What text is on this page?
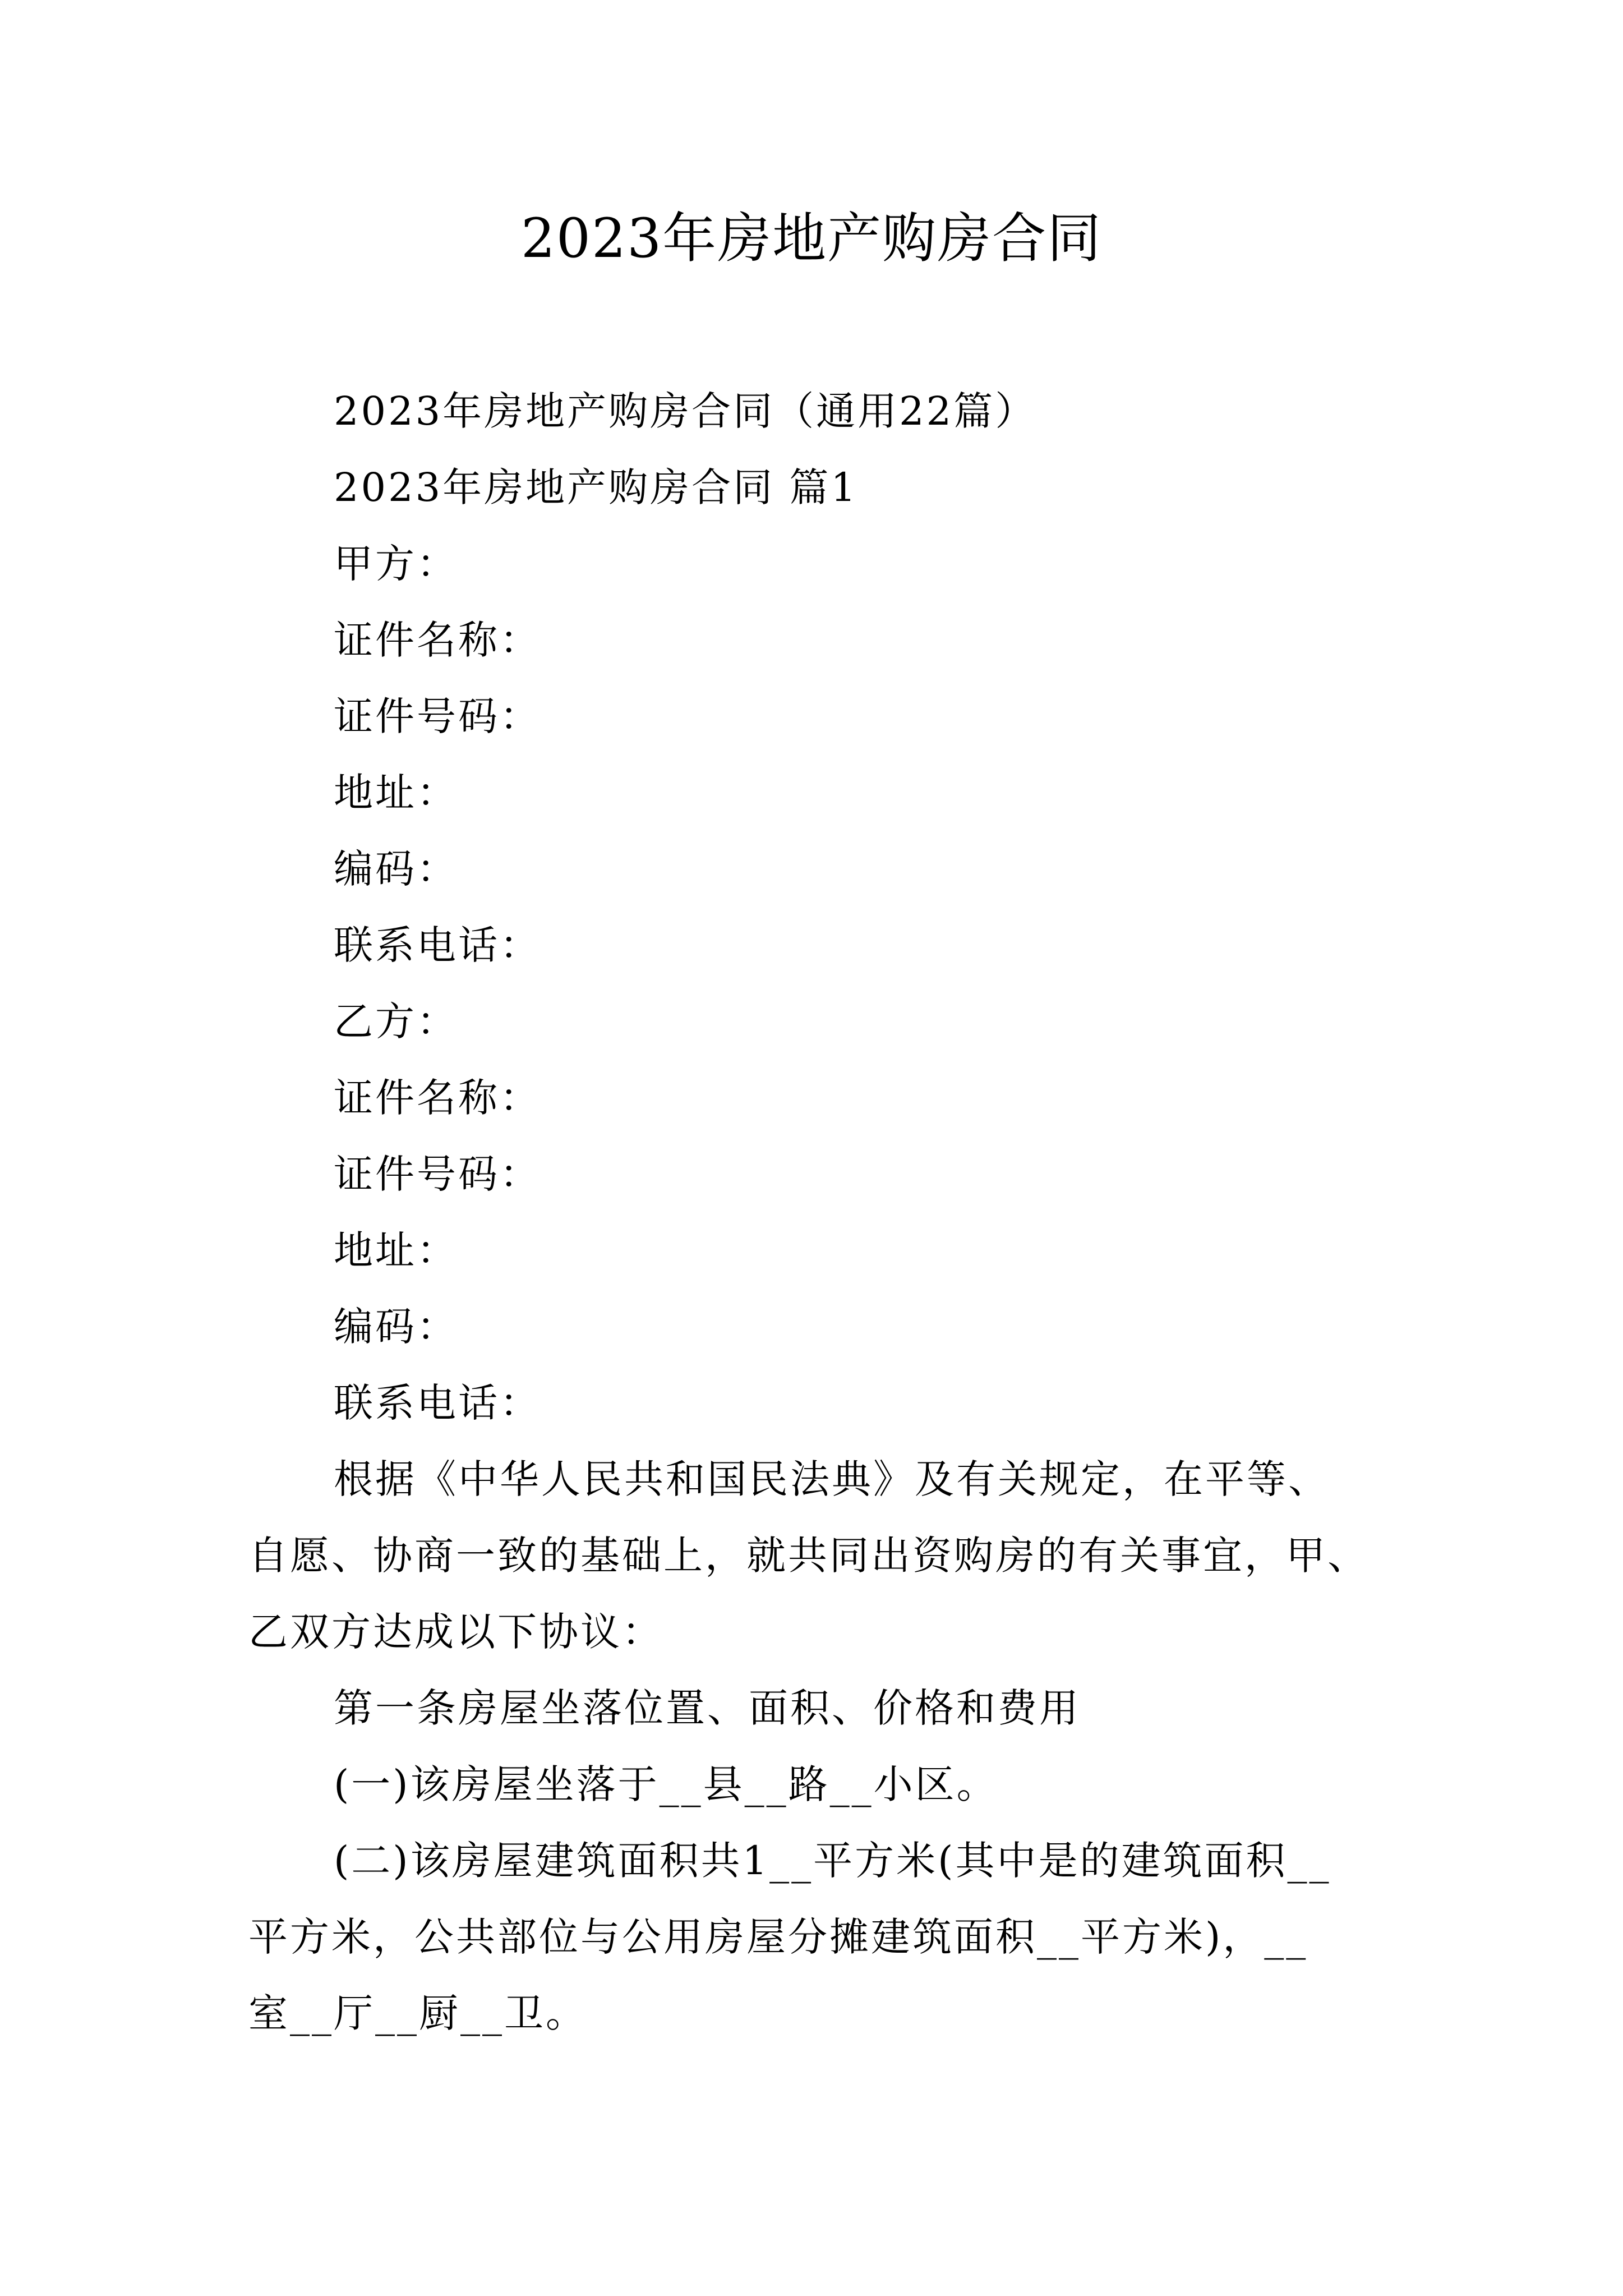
2023年房地产购房合同

2023年房地产购房合同（通用22篇）

2023年房地产购房合同 篇1

甲方：

证件名称：

证件号码：

地址：

编码：

联系电话：

乙方：

证件名称：

证件号码：

地址：

编码：

联系电话：

根据《中华人民共和国民法典》及有关规定，在平等、

自愿、协商一致的基础上，就共同出资购房的有关事宜，甲、

乙双方达成以下协议：

第一条房屋坐落位置、面积、价格和费用

(一)该房屋坐落于__县__路__小区。

(二)该房屋建筑面积共1__平方米(其中是的建筑面积__

平方米，公共部位与公用房屋分摊建筑面积__平方米)，__

室__厅__厨__卫。
